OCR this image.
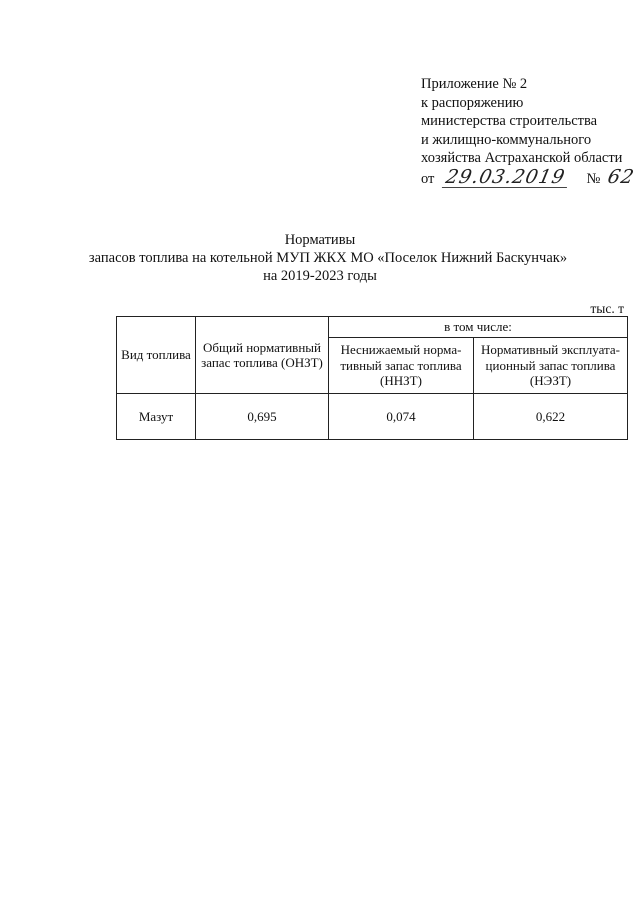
Приложение № 2
к распоряжению
министерства строительства
и жилищно-коммунального
хозяйства Астраханской области
от 29.03.2019 № 62
Нормативы
запасов топлива на котельной МУП ЖКХ МО «Поселок Нижний Баскунчак»
на 2019-2023 годы
тыс. т
Вид топлива	Общий нормативный запас топлива (ОНЗТ)	в том числе:	
		Неснижаемый норма-тивный запас топлива (ННЗТ)	Нормативный эксплуата-ционный запас топлива (НЭЗТ)
Мазут	0,695	0,074	0,622
